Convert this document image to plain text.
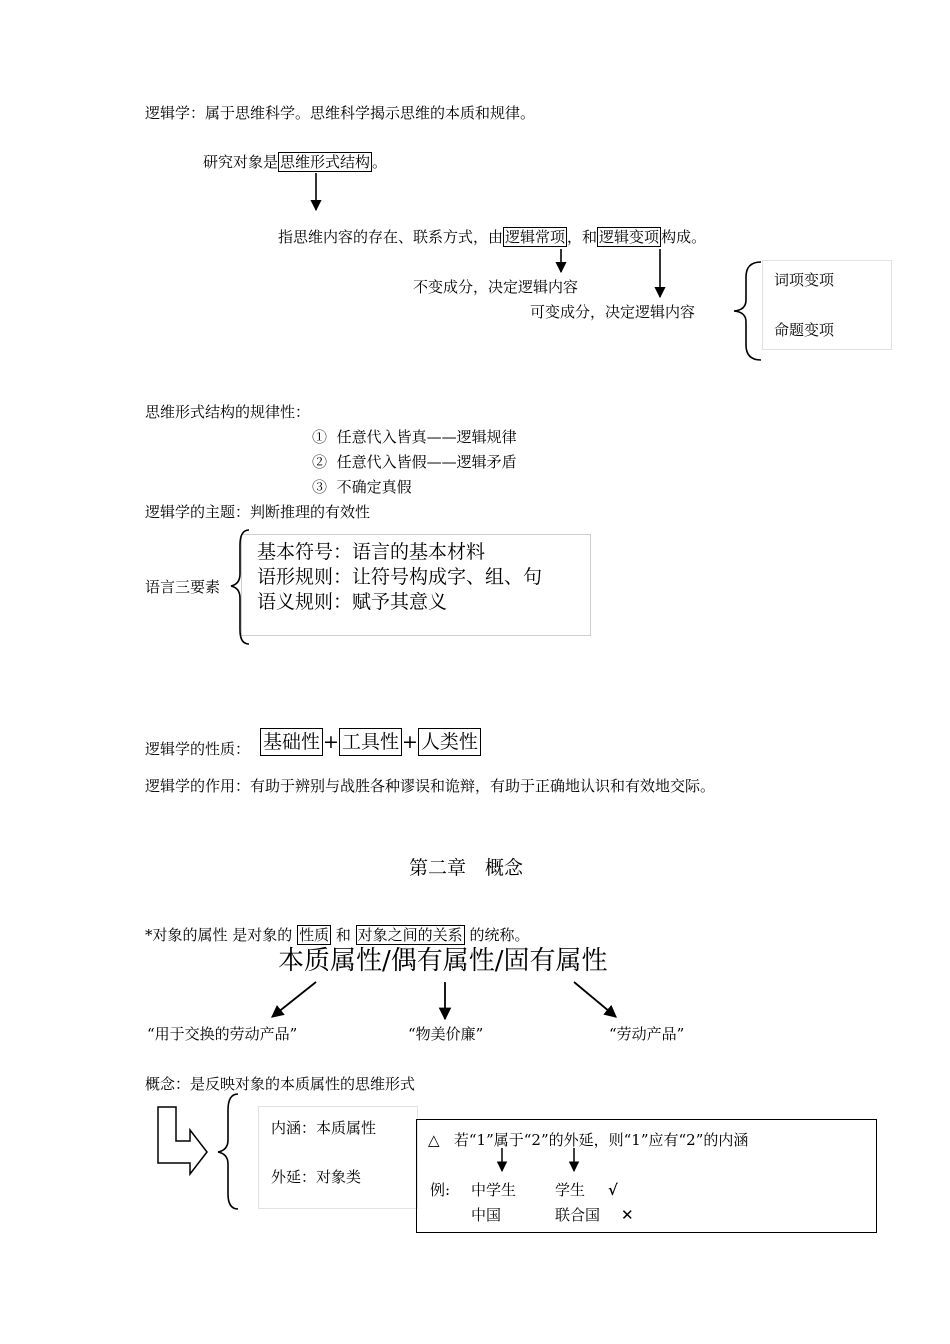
逻辑学：属于思维科学。思维科学揭示思维的本质和规律。
研究对象是 思维形式结构 。
指思维内容的存在、联系方式，由 逻辑常项 ，和 逻辑变项 构成。
不变成分，决定逻辑内容
可变成分，决定逻辑内容
词项变项
命题变项
思维形式结构的规律性：
① 任意代入皆真——逻辑规律
② 任意代入皆假——逻辑矛盾
③ 不确定真假
逻辑学的主题：判断推理的有效性
语言三要素
基本符号：语言的基本材料
语形规则：让符号构成字、组、句
语义规则：赋予其意义
逻辑学的性质： 基础性 + 工具性 + 人类性
逻辑学的作用：有助于辨别与战胜各种谬误和诡辩，有助于正确地认识和有效地交际。
第二章　概念
*对象的属性 是对象的 性质 和 对象之间的关系 的统称。
本质属性/偶有属性/固有属性
“用于交换的劳动产品”	“物美价廉”	“劳动产品”
概念：是反映对象的本质属性的思维形式
内涵：本质属性
外延：对象类
△ 若“1”属于“2”的外延，则“1”应有“2”的内涵
例: 中学生	学生 √
中国	联合国 ✕
